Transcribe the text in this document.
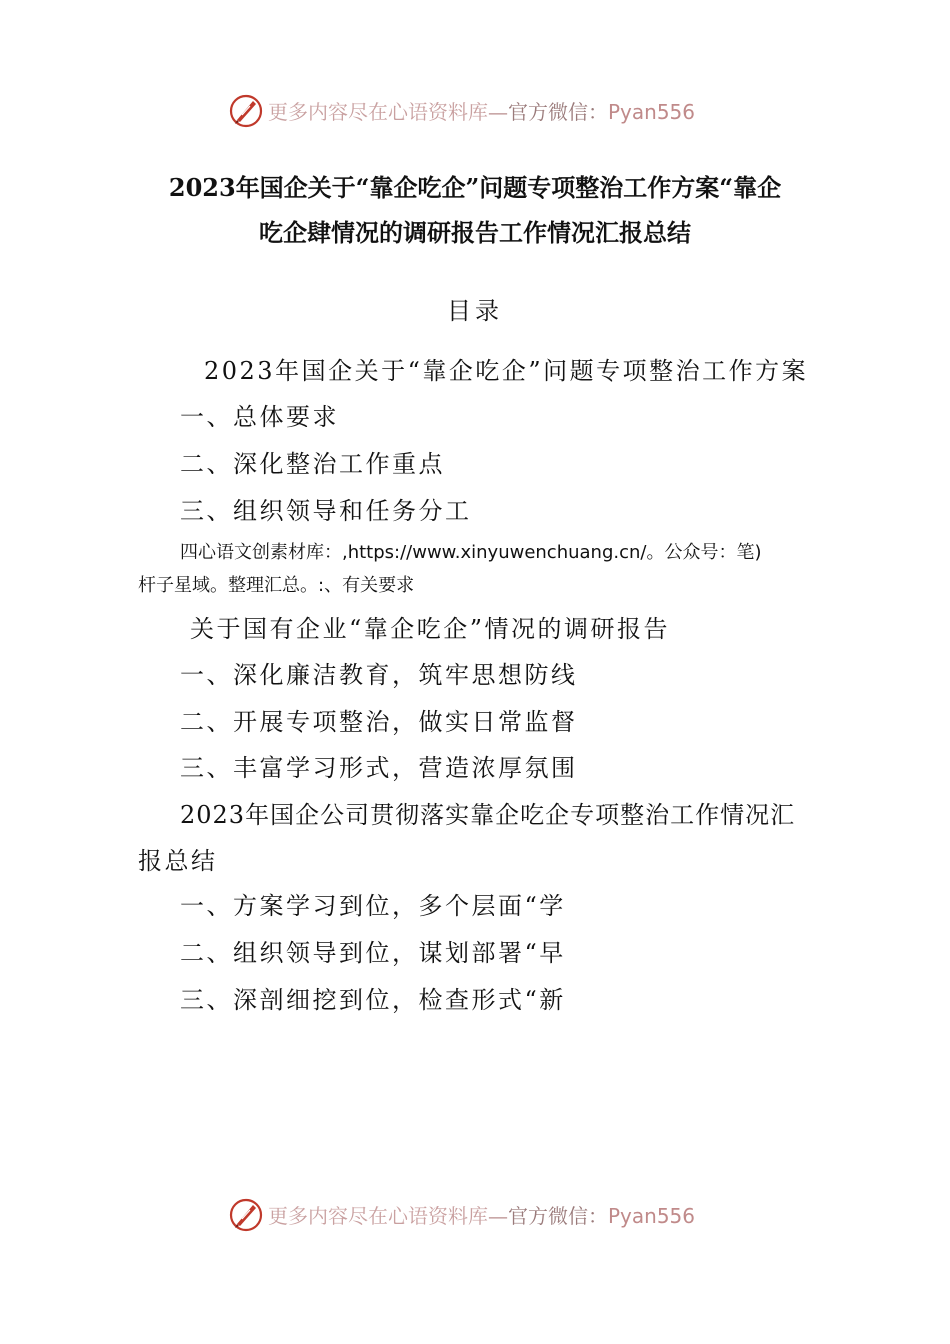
更多内容尽在心语资料库—官方微信：Pyan556
2023年国企关于“靠企吃企”问题专项整治工作方案“靠企
吃企肆情况的调研报告工作情况汇报总结
目录
2023年国企关于“靠企吃企”问题专项整治工作方案
一、总体要求
二、深化整治工作重点
三、组织领导和任务分工
四心语文创素材库：,https://www.xinyuwenchuang.cn/。公众号：笔)
杆子星域。整理汇总。:、有关要求
关于国有企业“靠企吃企”情况的调研报告
一、深化廉洁教育，筑牢思想防线
二、开展专项整治，做实日常监督
三、丰富学习形式，营造浓厚氛围
2023年国企公司贯彻落实靠企吃企专项整治工作情况汇
报总结
一、方案学习到位，多个层面“学
二、组织领导到位，谋划部署“早
三、深剖细挖到位，检查形式“新
更多内容尽在心语资料库—官方微信：Pyan556
